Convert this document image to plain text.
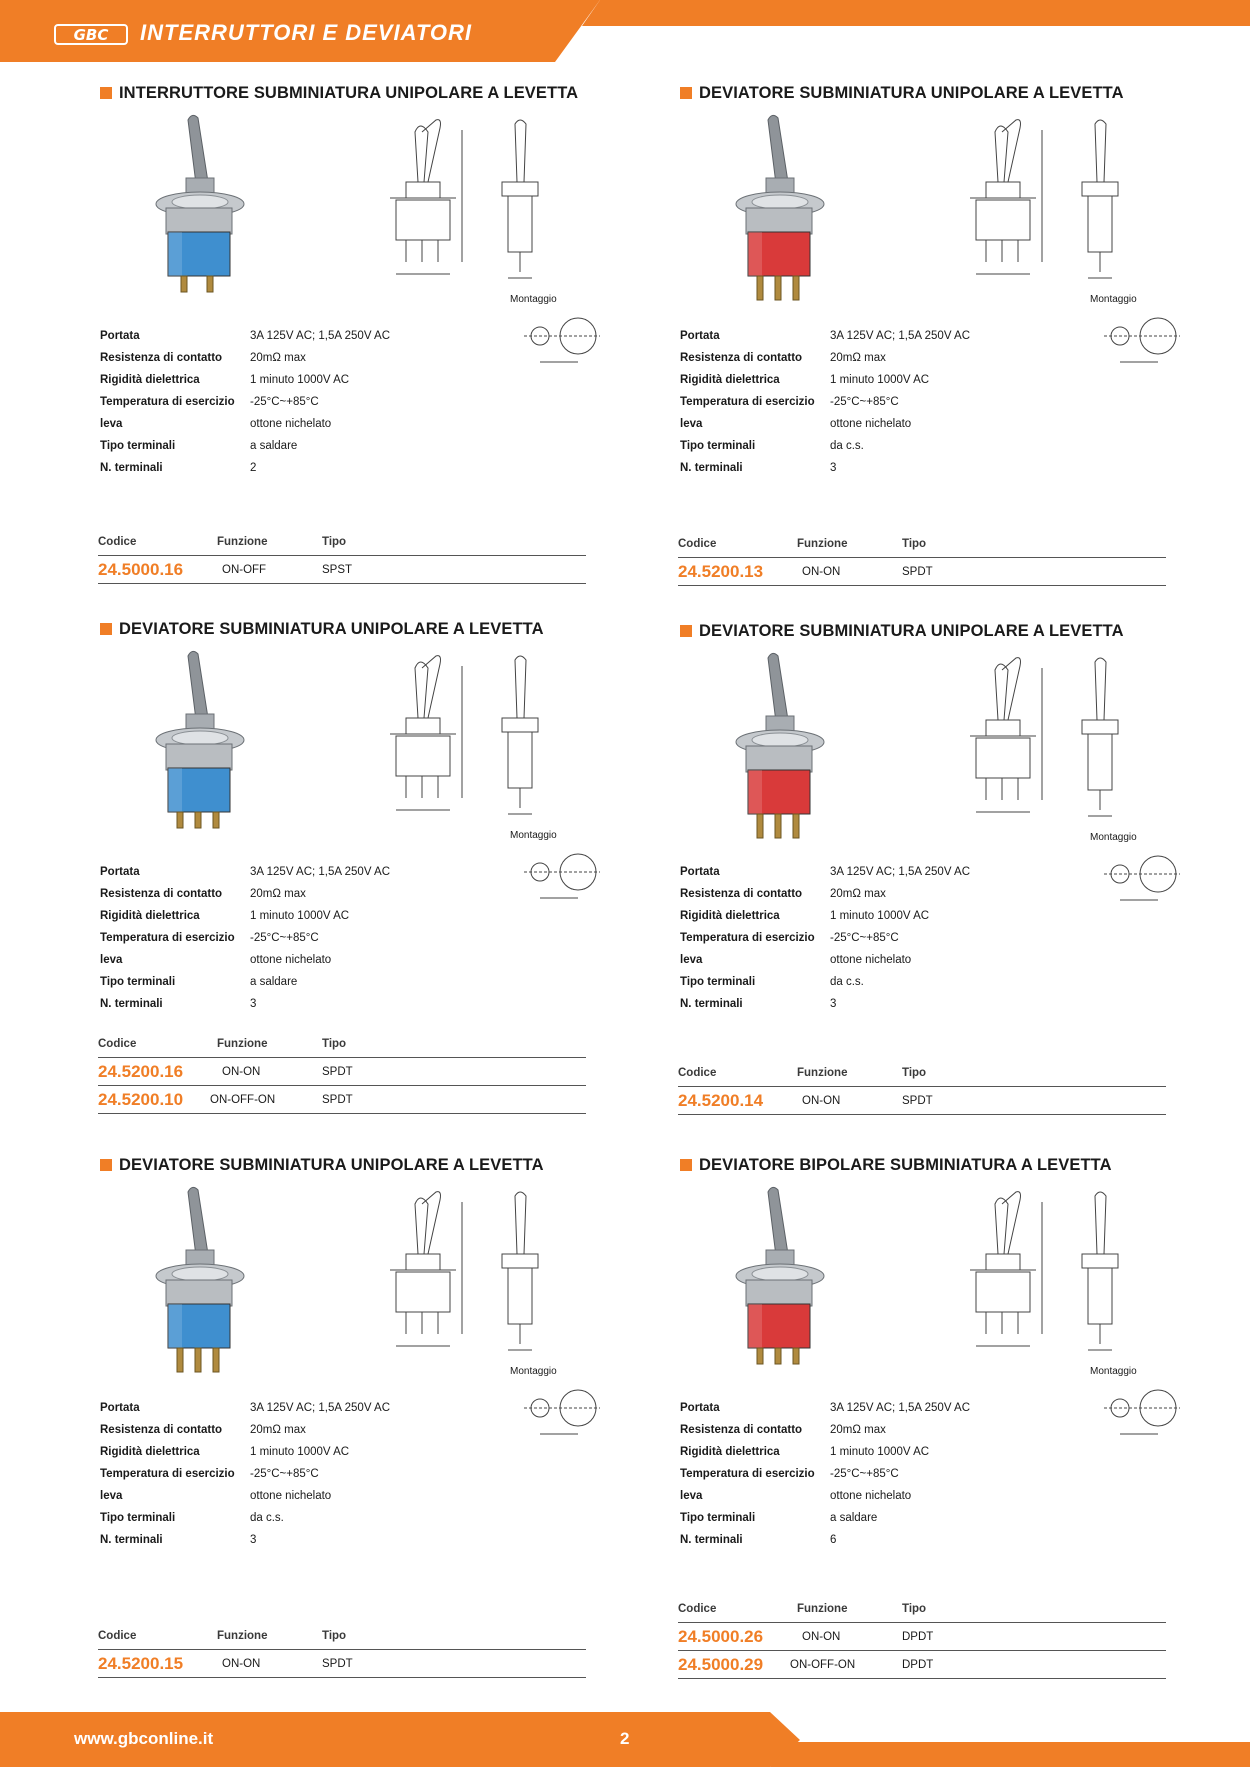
GBC INTERRUTTORI E DEVIATORI
INTERRUTTORE SUBMINIATURA UNIPOLARE A LEVETTA
Montaggio
Portata	3A 125V AC; 1,5A 250V AC
Resistenza di contatto 20mΩ max
Rigidità dielettrica	1 minuto 1000V AC
Temperatura di esercizio -25°C~+85°C
leva	ottone nichelato
Tipo terminali	a saldare
N. terminali	2
Codice	Funzione	Tipo
24.5000.16	ON-OFF	SPST
DEVIATORE SUBMINIATURA UNIPOLARE A LEVETTA
Montaggio
Portata	3A 125V AC; 1,5A 250V AC
Resistenza di contatto 20mΩ max
Rigidità dielettrica	1 minuto 1000V AC
Temperatura di esercizio -25°C~+85°C
leva	ottone nichelato
Tipo terminali	da c.s.
N. terminali	3
Codice	Funzione	Tipo
24.5200.13	ON-ON	SPDT
DEVIATORE SUBMINIATURA UNIPOLARE A LEVETTA
Montaggio
Portata	3A 125V AC; 1,5A 250V AC
Resistenza di contatto 20mΩ max
Rigidità dielettrica	1 minuto 1000V AC
Temperatura di esercizio -25°C~+85°C
leva	ottone nichelato
Tipo terminali	a saldare
N. terminali	3
Codice	Funzione	Tipo
24.5200.16	ON-ON	SPDT
24.5200.10 ON-OFF-ON	SPDT
DEVIATORE SUBMINIATURA UNIPOLARE A LEVETTA
Montaggio
Portata	3A 125V AC; 1,5A 250V AC
Resistenza di contatto 20mΩ max
Rigidità dielettrica	1 minuto 1000V AC
Temperatura di esercizio -25°C~+85°C
leva	ottone nichelato
Tipo terminali	da c.s.
N. terminali	3
Codice	Funzione	Tipo
24.5200.14	ON-ON	SPDT
DEVIATORE SUBMINIATURA UNIPOLARE A LEVETTA
Montaggio
Portata	3A 125V AC; 1,5A 250V AC
Resistenza di contatto 20mΩ max
Rigidità dielettrica	1 minuto 1000V AC
Temperatura di esercizio -25°C~+85°C
leva	ottone nichelato
Tipo terminali	da c.s.
N. terminali	3
Codice	Funzione	Tipo
24.5200.15	ON-ON	SPDT
DEVIATORE BIPOLARE SUBMINIATURA A LEVETTA
Montaggio
Portata	3A 125V AC; 1,5A 250V AC
Resistenza di contatto 20mΩ max
Rigidità dielettrica	1 minuto 1000V AC
Temperatura di esercizio -25°C~+85°C
leva	ottone nichelato
Tipo terminali	a saldare
N. terminali	6
Codice	Funzione	Tipo
24.5000.26	ON-ON	DPDT
24.5000.29 ON-OFF-ON	DPDT
www.gbconline.it	2
